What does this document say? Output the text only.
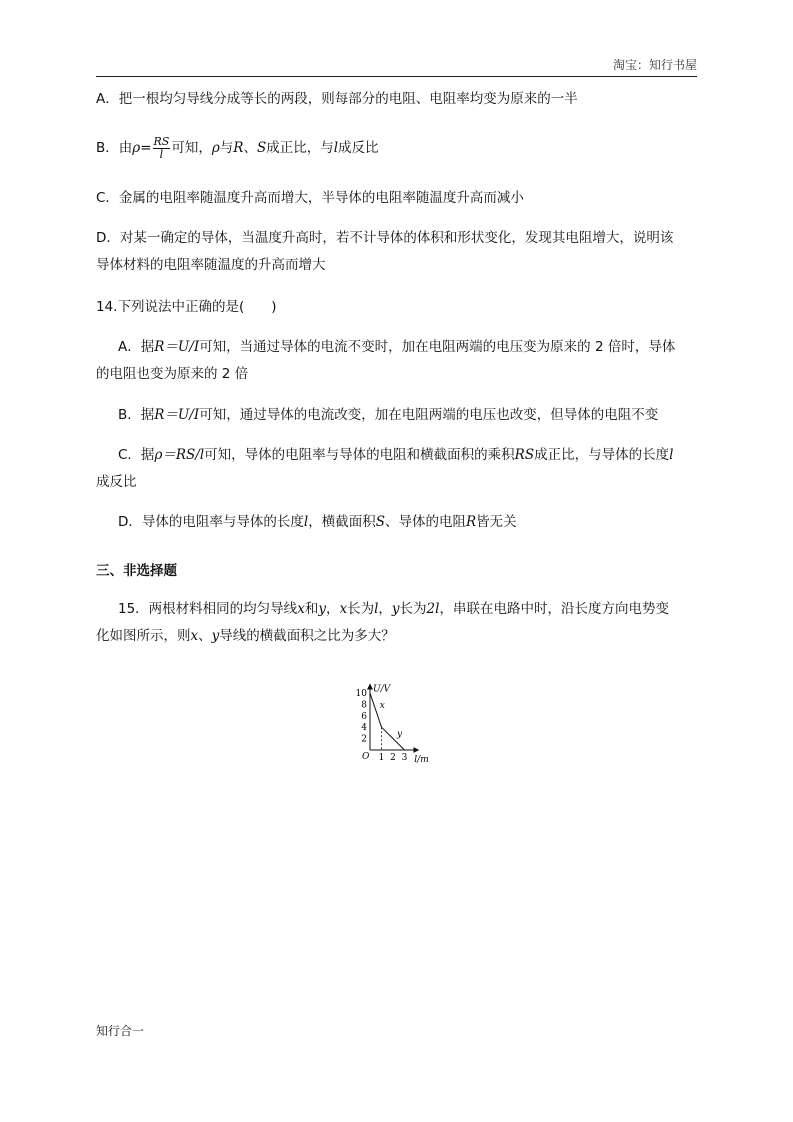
淘宝：知行书屋
A．把一根均匀导线分成等长的两段，则每部分的电阻、电阻率均变为原来的一半
B．由$\rho= \frac{RS}{l}$ 可知，ρ与R、S成正比，与l成反比
C．金属的电阻率随温度升高而增大，半导体的电阻率随温度升高而减小
D．对某一确定的导体，当温度升高时，若不计导体的体积和形状变化，发现其电阻增大，说明该
导体材料的电阻率随温度的升高而增大
14.下列说法中正确的是(　　)
A．据R＝U/I可知，当通过导体的电流不变时，加在电阻两端的电压变为原来的 2 倍时，导体
的电阻也变为原来的 2 倍
B．据R＝U/I可知，通过导体的电流改变，加在电阻两端的电压也改变，但导体的电阻不变
C．据ρ＝RS/l可知，导体的电阻率与导体的电阻和横截面积的乘积RS成正比，与导体的长度l
成反比
D．导体的电阻率与导体的长度l，横截面积S、导体的电阻R皆无关
三、非选择题
15．两根材料相同的均匀导线x和y，x长为l，y长为2l，串联在电路中时，沿长度方向电势变
化如图所示，则x、y导线的横截面积之比为多大？
U/V
l/m
O
10
8
6
4
2
1 2 3
x
y
知行合一
